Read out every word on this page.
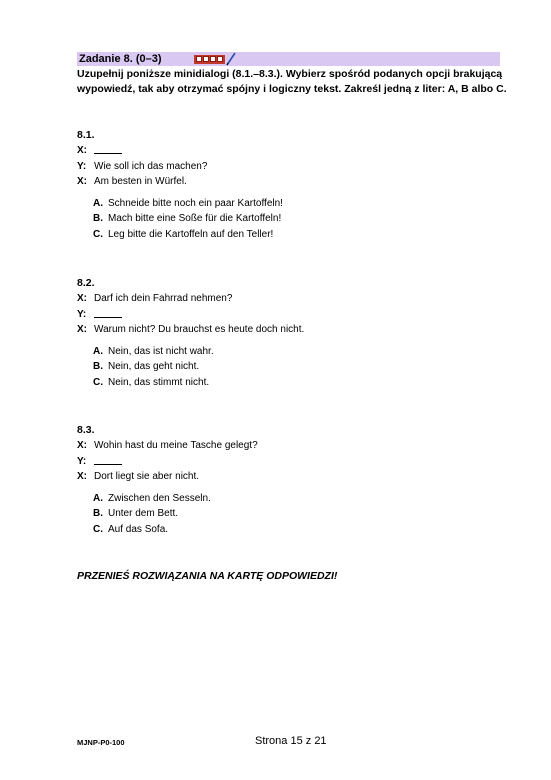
Zadanie 8. (0–3)
Uzupełnij poniższe minidialogi (8.1.–8.3.). Wybierz spośród podanych opcji brakującą wypowiedź, tak aby otrzymać spójny i logiczny tekst. Zakreśl jedną z liter: A, B albo C.
8.1.
X:
Y: Wie soll ich das machen?
X: Am besten in Würfel.
A. Schneide bitte noch ein paar Kartoffeln!
B. Mach bitte eine Soße für die Kartoffeln!
C. Leg bitte die Kartoffeln auf den Teller!
8.2.
X: Darf ich dein Fahrrad nehmen?
Y:
X: Warum nicht? Du brauchst es heute doch nicht.
A. Nein, das ist nicht wahr.
B. Nein, das geht nicht.
C. Nein, das stimmt nicht.
8.3.
X: Wohin hast du meine Tasche gelegt?
Y:
X: Dort liegt sie aber nicht.
A. Zwischen den Sesseln.
B. Unter dem Bett.
C. Auf das Sofa.
PRZENIEŚ ROZWIĄZANIA NA KARTĘ ODPOWIEDZI!
MJNP-P0-100	Strona 15 z 21
